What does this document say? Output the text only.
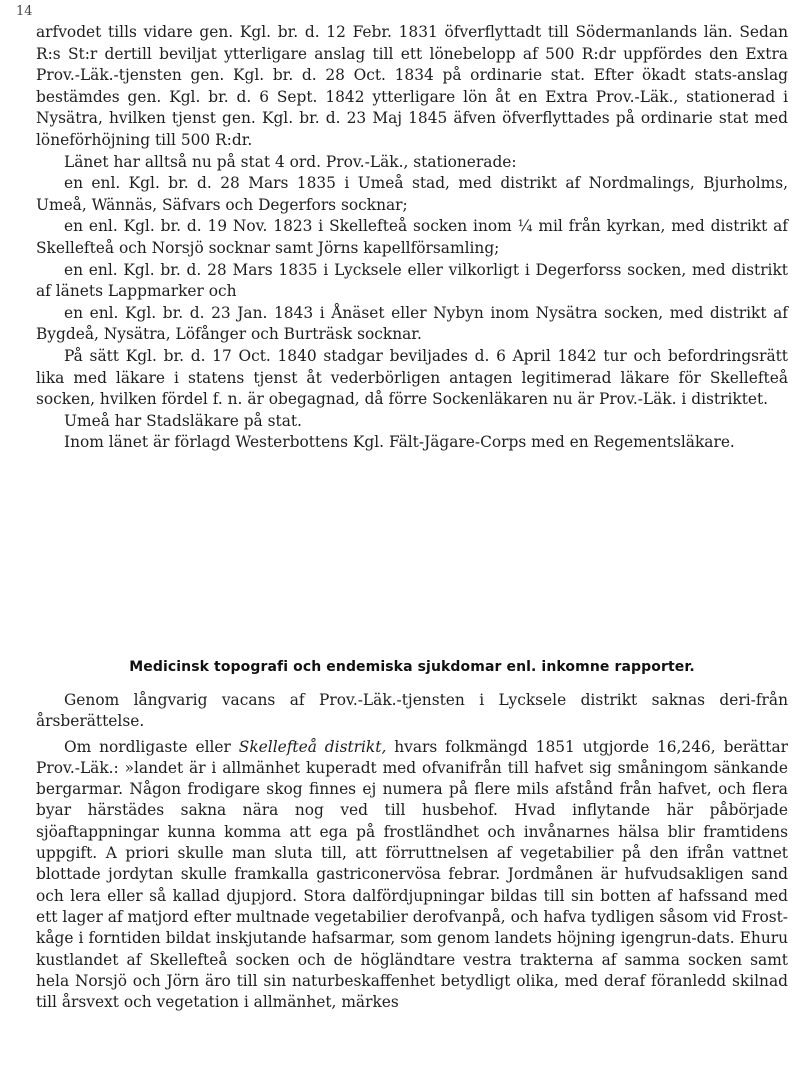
14

arfvodet tills vidare gen. Kgl. br. d. 12 Febr. 1831 öfverflyttadt till Södermanlands län. Sedan R:s St:r dertill beviljat ytterligare anslag till ett lönebelopp af 500 R:dr uppfördes den Extra Prov.-Läk.-tjensten gen. Kgl. br. d. 28 Oct. 1834 på ordinarie stat. Efter ökadt stats-anslag bestämdes gen. Kgl. br. d. 6 Sept. 1842 ytterligare lön åt en Extra Prov.-Läk., stationerad i Nysätra, hvilken tjenst gen. Kgl. br. d. 23 Maj 1845 äfven öfverflyttades på ordinarie stat med löneförhöjning till 500 R:dr.

Länet har alltså nu på stat 4 ord. Prov.-Läk., stationerade:

en enl. Kgl. br. d. 28 Mars 1835 i Umeå stad, med distrikt af Nordmalings, Bjurholms, Umeå, Wännäs, Säfvars och Degerfors socknar;

en enl. Kgl. br. d. 19 Nov. 1823 i Skellefteå socken inom ¼ mil från kyrkan, med distrikt af Skellefteå och Norsjö socknar samt Jörns kapellförsamling;

en enl. Kgl. br. d. 28 Mars 1835 i Lycksele eller vilkorligt i Degerforss socken, med distrikt af länets Lappmarker och

en enl. Kgl. br. d. 23 Jan. 1843 i Ånäset eller Nybyn inom Nysätra socken, med distrikt af Bygdeå, Nysätra, Löfånger och Burträsk socknar.

På sätt Kgl. br. d. 17 Oct. 1840 stadgar beviljades d. 6 April 1842 tur och befordringsrätt lika med läkare i statens tjenst åt vederbörligen antagen legitimerad läkare för Skellefteå socken, hvilken fördel f. n. är obegagnad, då förre Sockenläkaren nu är Prov.-Läk. i distriktet.

Umeå har Stadsläkare på stat.

Inom länet är förlagd Westerbottens Kgl. Fält-Jägare-Corps med en Regementsläkare.

Medicinsk topografi och endemiska sjukdomar enl. inkomne rapporter.

Genom långvarig vacans af Prov.-Läk.-tjensten i Lycksele distrikt saknas deri-från årsberättelse.

Om nordligaste eller Skellefteå distrikt, hvars folkmängd 1851 utgjorde 16,246, berättar Prov.-Läk.: »landet är i allmänhet kuperadt med ofvanifrån till hafvet sig småningom sänkande bergarmar. Någon frodigare skog finnes ej numera på flere mils afstånd från hafvet, och flera byar härstädes sakna nära nog ved till husbehof. Hvad inflytande här påbörjade sjöaftappningar kunna komma att ega på frostländhet och invånarnes hälsa blir framtidens uppgift. A priori skulle man sluta till, att förruttnelsen af vegetabilier på den ifrån vattnet blottade jordytan skulle framkalla gastriconervösa febrar. Jordmånen är hufvudsakligen sand och lera eller så kallad djupjord. Stora dalfördjupningar bildas till sin botten af hafssand med ett lager af matjord efter multnade vegetabilier derofvanpå, och hafva tydligen såsom vid Frost-kåge i forntiden bildat inskjutande hafsarmar, som genom landets höjning igengrun-dats. Ehuru kustlandet af Skellefteå socken och de högländtare vestra trakterna af samma socken samt hela Norsjö och Jörn äro till sin naturbeskaffenhet betydligt olika, med deraf föranledd skilnad till årsvext och vegetation i allmänhet, märkes
